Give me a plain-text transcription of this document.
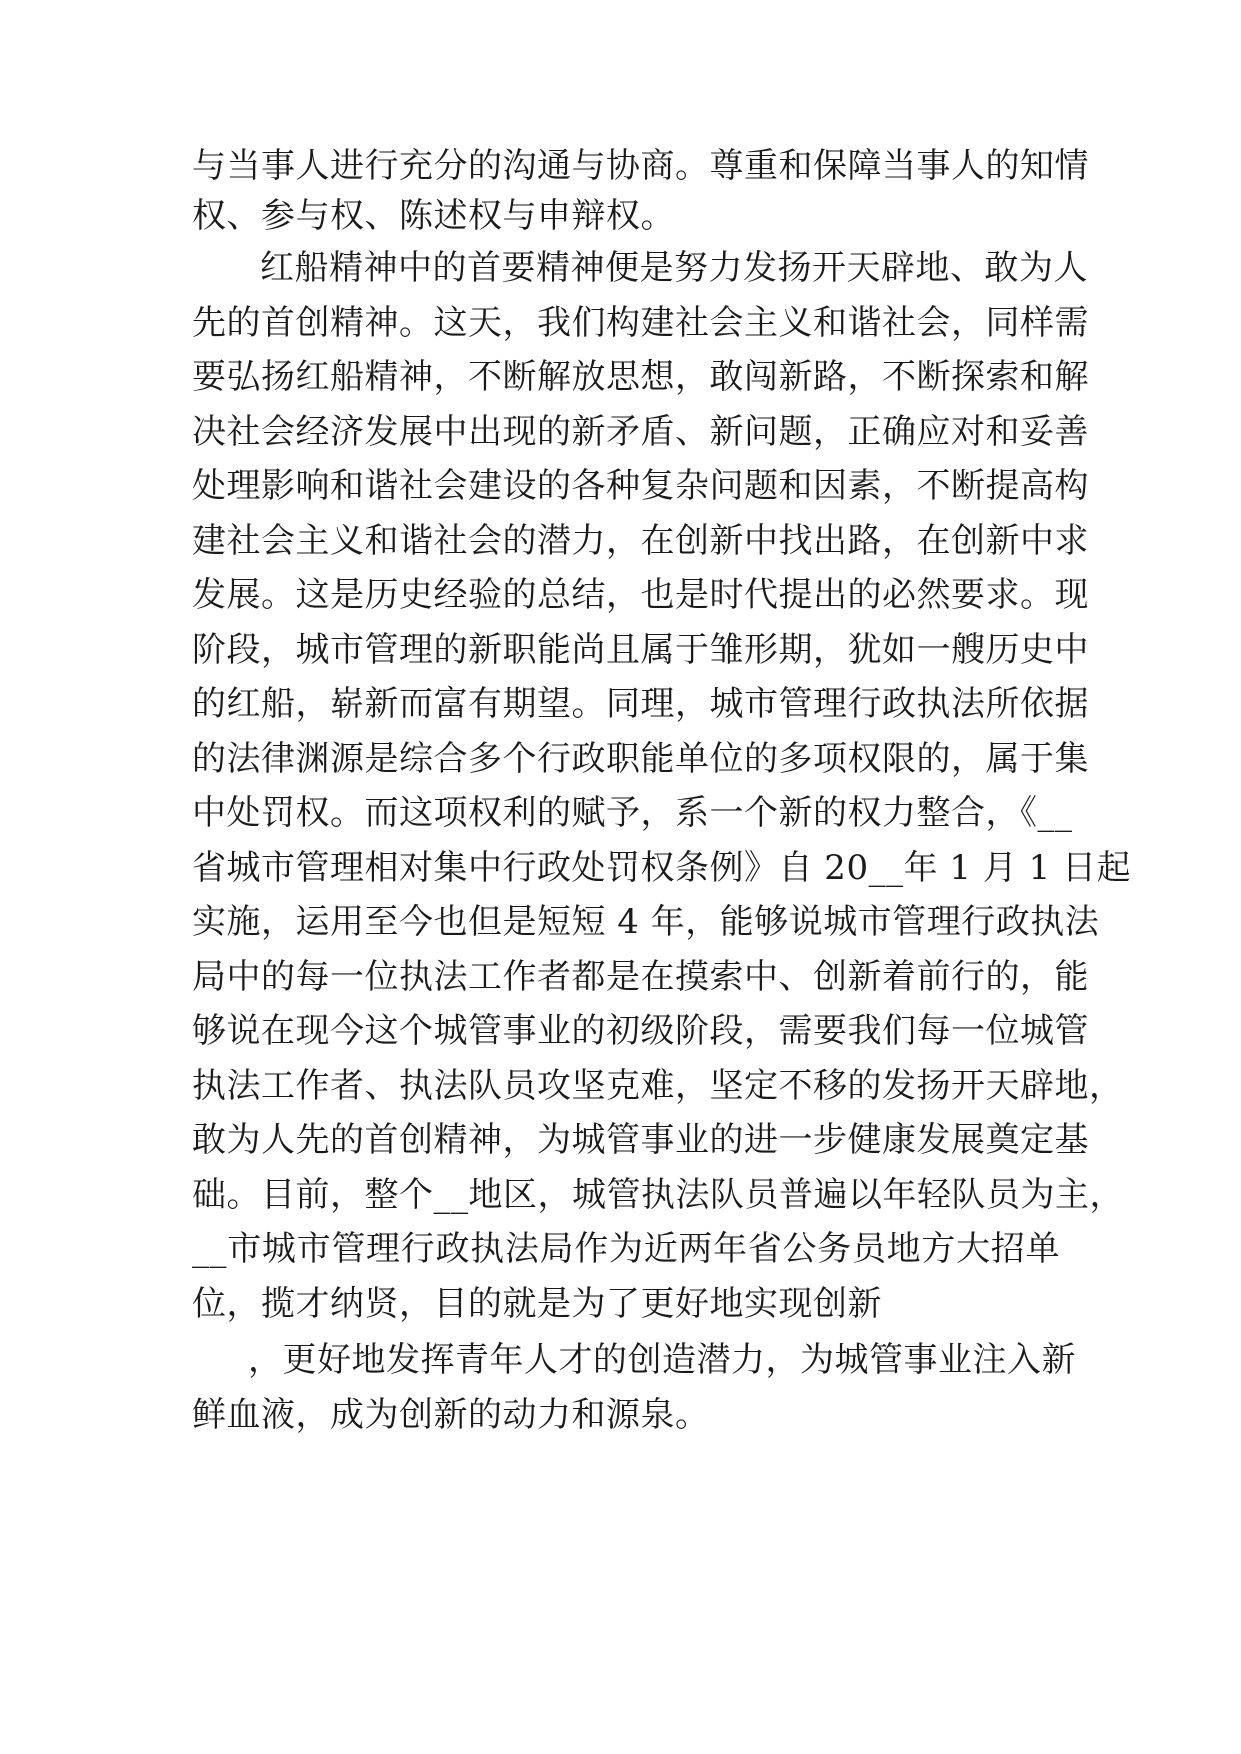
与当事人进行充分的沟通与协商。尊重和保障当事人的知情
权、参与权、陈述权与申辩权。
红船精神中的首要精神便是努力发扬开天辟地、敢为人
先的首创精神。这天，我们构建社会主义和谐社会，同样需
要弘扬红船精神，不断解放思想，敢闯新路，不断探索和解
决社会经济发展中出现的新矛盾、新问题，正确应对和妥善
处理影响和谐社会建设的各种复杂问题和因素，不断提高构
建社会主义和谐社会的潜力，在创新中找出路，在创新中求
发展。这是历史经验的总结，也是时代提出的必然要求。现
阶段，城市管理的新职能尚且属于雏形期，犹如一艘历史中
的红船，崭新而富有期望。同理，城市管理行政执法所依据
的法律渊源是综合多个行政职能单位的多项权限的，属于集
中处罚权。而这项权利的赋予，系一个新的权力整合，《__
省城市管理相对集中行政处罚权条例》自 20__年 1 月 1 日起
实施，运用至今也但是短短 4 年，能够说城市管理行政执法
局中的每一位执法工作者都是在摸索中、创新着前行的，能
够说在现今这个城管事业的初级阶段，需要我们每一位城管
执法工作者、执法队员攻坚克难，坚定不移的发扬开天辟地，
敢为人先的首创精神，为城管事业的进一步健康发展奠定基
础。目前，整个__地区，城管执法队员普遍以年轻队员为主，
__市城市管理行政执法局作为近两年省公务员地方大招单
位，揽才纳贤，目的就是为了更好地实现创新
，更好地发挥青年人才的创造潜力，为城管事业注入新
鲜血液，成为创新的动力和源泉。
